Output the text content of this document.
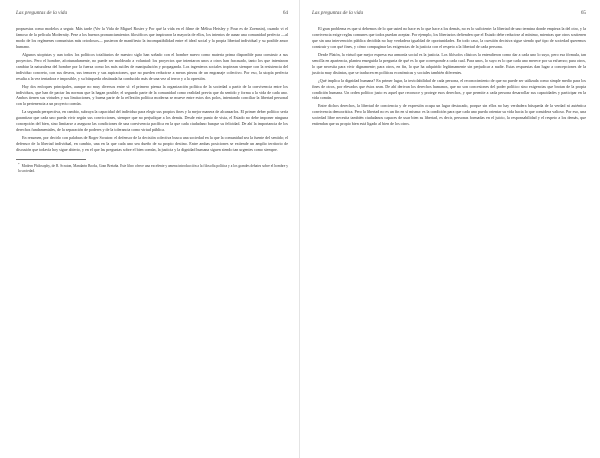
Las preguntas de la vida	64

propuestas como modelos a seguir. Más tarde (Ver la Vida de Miguel Rosier y Por qué la vida en el filme de Mélisa Heisley y Pour es de Zoemsin), cuando vi el famoso de la película Modernity. Pese a los buenos pronunciamientos filosóficos que inspiraron la mayoría de ellos, los intentos de aunar una comunidad perfecta —al modo de los regímenes comunistas más ortodoxos— pusieron de manifiesto la incompatibilidad entre el ideal social y la propia libertad individual y su posible amor humano.

Algunos utopistas y aun todos los políticos totalitarios de nuestro siglo han soñado con el hombre nuevo como materia prima disponible para construir a sus proyectos. Pero el hombre, afortunadamente, no puede ser moldeado a voluntad: los proyectos que intentaron unos a otros han fracasado, tanto los que intentaron cambiar la naturaleza del hombre por la fuerza como los más sutiles de manipulación y propaganda. Los ingenieros sociales tropiezan siempre con la resistencia del individuo concreto, con sus deseos, sus temores y sus aspiraciones, que no pueden reducirse a meras piezas de un engranaje colectivo. Por eso, la utopía perfecta resulta a la vez tentadora e imposible, y su búsqueda obstinada ha conducido más de una vez al terror y a la opresión.

Hay dos enfoques principales, aunque no muy diversos entre sí: el primero piensa la organización política de la sociedad a partir de la convivencia entre los individuos, que han de pactar las normas que la hagan posible; el segundo parte de la comunidad como realidad previa que da sentido y forma a la vida de cada uno. Ambos tienen sus virtudes y sus limitaciones, y buena parte de la reflexión política moderna se mueve entre estos dos polos, intentando conciliar la libertad personal con la pertenencia a un proyecto común.

La segunda perspectiva, en cambio, subraya la capacidad del individuo para elegir sus propios fines y la mejor manera de alcanzarlos. El primer deber político sería garantizar que cada uno pueda vivir según sus convicciones, siempre que no perjudique a los demás. Desde este punto de vista, el Estado no debe imponer ninguna concepción del bien, sino limitarse a asegurar las condiciones de una convivencia pacífica en la que cada ciudadano busque su felicidad. De ahí la importancia de los derechos fundamentales, de la separación de poderes y de la tolerancia como virtud pública.

En resumen, por decirlo con palabras de Roger Scruton: el defensor de la decisión colectiva busca una sociedad en la que la comunidad sea la fuente del sentido; el defensor de la libertad individual, en cambio, una en la que cada uno sea dueño de su propio destino. Entre ambas posiciones se extiende un amplio territorio de discusión que todavía hoy sigue abierto, y en el que las preguntas sobre el bien común, la justicia y la dignidad humana siguen siendo tan urgentes como siempre.

*Modern Philosophy, de R. Scruton, Mandarin Books, Gran Bretaña. Este libro ofrece una excelente y amena introducción a la filosofía política y a los grandes debates sobre el hombre y la sociedad.
Las preguntas de la vida	65

El gran problema es que si debemos de lo que usted no hace es lo que hace a los demás, no es lo suficiente: la libertad de uno termina donde empieza la del otro, y la convivencia exige reglas comunes que todos puedan aceptar. Por ejemplo, los libertarios defienden que el Estado debe reducirse al mínimo, mientras que otros sostienen que sin una intervención pública decidida no hay verdadera igualdad de oportunidades. En todo caso, la cuestión decisiva sigue siendo qué tipo de sociedad queremos construir y con qué fines, y cómo compaginar las exigencias de la justicia con el respeto a la libertad de cada persona.

Desde Platón, la virtud que mejor expresa esa armonía social es la justicia. Los filósofos clásicos la entendieron como dar a cada uno lo suyo, pero esa fórmula, tan sencilla en apariencia, plantea enseguida la pregunta de qué es lo que corresponde a cada cual. Para unos, lo suyo es lo que cada uno merece por su esfuerzo; para otros, lo que necesita para vivir dignamente; para otros, en fin, lo que ha adquirido legítimamente sin perjudicar a nadie. Estas respuestas dan lugar a concepciones de la justicia muy distintas, que se traducen en políticas económicas y sociales también diferentes.

¿Qué implica la dignidad humana? En primer lugar, la inviolabilidad de cada persona, el reconocimiento de que no puede ser utilizada como simple medio para los fines de otros, por elevados que éstos sean. De ahí derivan los derechos humanos, que no son concesiones del poder político sino exigencias que brotan de la propia condición humana. Un orden político justo es aquel que reconoce y protege esos derechos, y que permite a cada persona desarrollar sus capacidades y participar en la vida común.

Entre dichos derechos, la libertad de conciencia y de expresión ocupa un lugar destacado, porque sin ellos no hay verdadera búsqueda de la verdad ni auténtica convivencia democrática. Pero la libertad no es un fin en sí misma: es la condición para que cada uno pueda orientar su vida hacia lo que considera valioso. Por eso, una sociedad libre necesita también ciudadanos capaces de usar bien su libertad, es decir, personas formadas en el juicio, la responsabilidad y el respeto a los demás, que entiendan que su propio bien está ligado al bien de los otros.
